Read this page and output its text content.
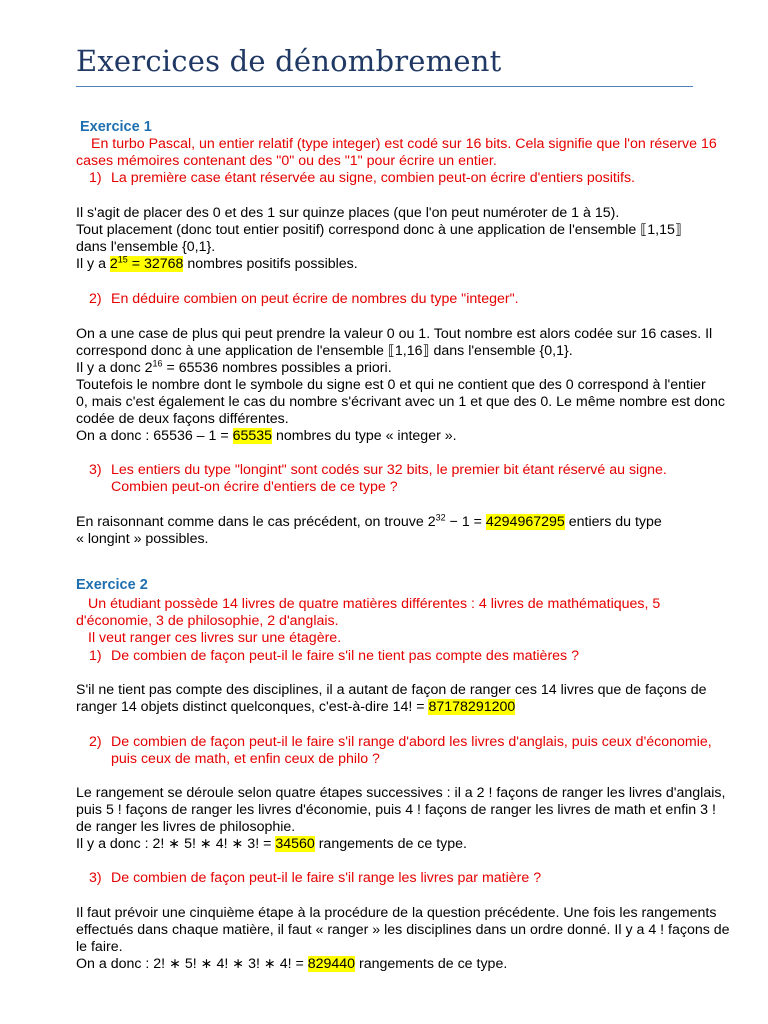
Exercices de dénombrement
Exercice 1
En turbo Pascal, un entier relatif (type integer) est codé sur 16 bits. Cela signifie que l'on réserve 16
cases mémoires contenant des "0" ou des "1" pour écrire un entier.
1) La première case étant réservée au signe, combien peut-on écrire d'entiers positifs.
Il s'agit de placer des 0 et des 1 sur quinze places (que l'on peut numéroter de 1 à 15).
Tout placement (donc tout entier positif) correspond donc à une application de l'ensemble ⟦1,15⟧
dans l'ensemble {0,1}.
Il y a $2^{15} = 32768$ nombres positifs possibles.
2) En déduire combien on peut écrire de nombres du type "integer".
On a une case de plus qui peut prendre la valeur 0 ou 1. Tout nombre est alors codée sur 16 cases. Il
correspond donc à une application de l'ensemble ⟦1,16⟧ dans l'ensemble {0,1}.
Il y a donc $2^{16} = 65536$ nombres possibles a priori.
Toutefois le nombre dont le symbole du signe est 0 et qui ne contient que des 0 correspond à l'entier
0, mais c'est également le cas du nombre s'écrivant avec un 1 et que des 0. Le même nombre est donc
codée de deux façons différentes.
On a donc : 65536 – 1 = 65535 nombres du type « integer ».
3) Les entiers du type "longint" sont codés sur 32 bits, le premier bit étant réservé au signe.
Combien peut-on écrire d'entiers de ce type ?
En raisonnant comme dans le cas précédent, on trouve $2^{32} - 1 = 4294967295$ entiers du type
« longint » possibles.
Exercice 2
Un étudiant possède 14 livres de quatre matières différentes : 4 livres de mathématiques, 5
d'économie, 3 de philosophie, 2 d'anglais.
Il veut ranger ces livres sur une étagère.
1) De combien de façon peut-il le faire s'il ne tient pas compte des matières ?
S'il ne tient pas compte des disciplines, il a autant de façon de ranger ces 14 livres que de façons de
ranger 14 objets distinct quelconques, c'est-à-dire 14! = 87178291200
2) De combien de façon peut-il le faire s'il range d'abord les livres d'anglais, puis ceux d'économie,
puis ceux de math, et enfin ceux de philo ?
Le rangement se déroule selon quatre étapes successives : il a 2 ! façons de ranger les livres d'anglais,
puis 5 ! façons de ranger les livres d'économie, puis 4 ! façons de ranger les livres de math et enfin 3 !
de ranger les livres de philosophie.
Il y a donc : 2! ∗ 5! ∗ 4! ∗ 3! = 34560 rangements de ce type.
3) De combien de façon peut-il le faire s'il range les livres par matière ?
Il faut prévoir une cinquième étape à la procédure de la question précédente. Une fois les rangements
effectués dans chaque matière, il faut « ranger » les disciplines dans un ordre donné. Il y a 4 ! façons de
le faire.
On a donc : 2! ∗ 5! ∗ 4! ∗ 3! ∗ 4! = 829440 rangements de ce type.
